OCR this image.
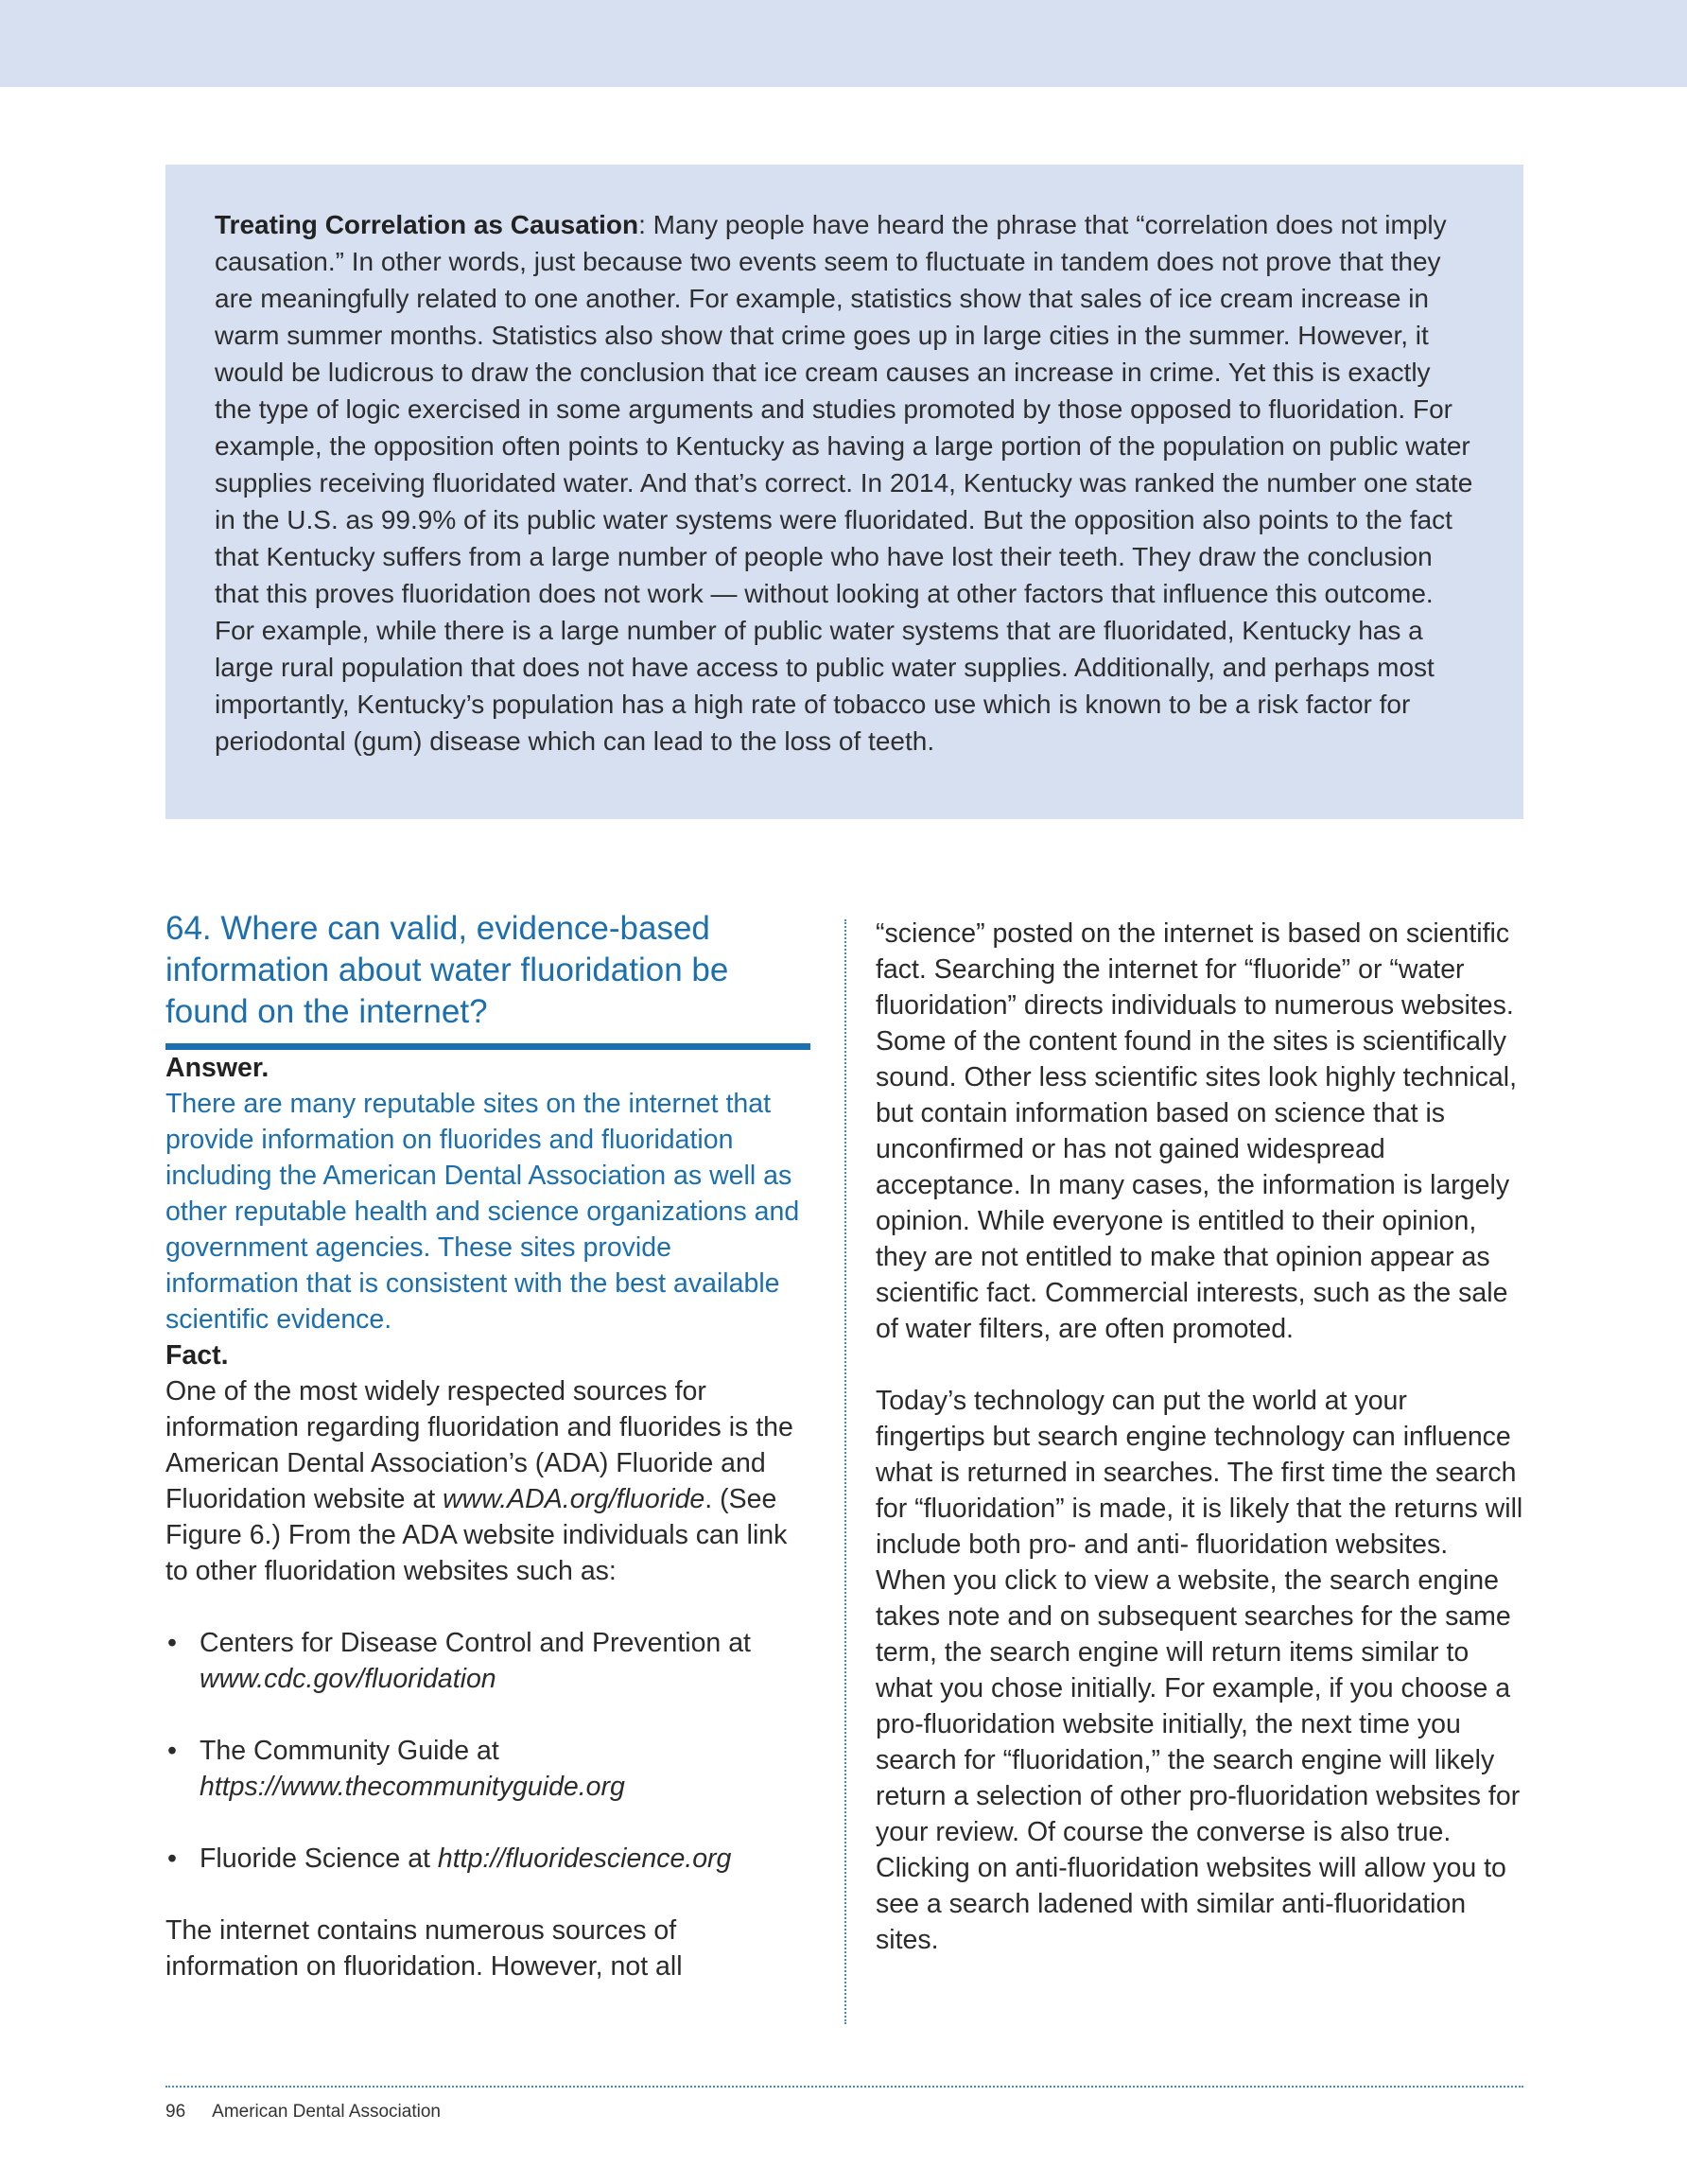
Treating Correlation as Causation: Many people have heard the phrase that “correlation does not imply causation.” In other words, just because two events seem to fluctuate in tandem does not prove that they are meaningfully related to one another. For example, statistics show that sales of ice cream increase in warm summer months. Statistics also show that crime goes up in large cities in the summer. However, it would be ludicrous to draw the conclusion that ice cream causes an increase in crime. Yet this is exactly the type of logic exercised in some arguments and studies promoted by those opposed to fluoridation. For example, the opposition often points to Kentucky as having a large portion of the population on public water supplies receiving fluoridated water. And that’s correct. In 2014, Kentucky was ranked the number one state in the U.S. as 99.9% of its public water systems were fluoridated. But the opposition also points to the fact that Kentucky suffers from a large number of people who have lost their teeth. They draw the conclusion that this proves fluoridation does not work — without looking at other factors that influence this outcome. For example, while there is a large number of public water systems that are fluoridated, Kentucky has a large rural population that does not have access to public water supplies. Additionally, and perhaps most importantly, Kentucky’s population has a high rate of tobacco use which is known to be a risk factor for periodontal (gum) disease which can lead to the loss of teeth.

64. Where can valid, evidence-based information about water fluoridation be found on the internet?

Answer.

There are many reputable sites on the internet that provide information on fluorides and fluoridation including the American Dental Association as well as other reputable health and science organizations and government agencies. These sites provide information that is consistent with the best available scientific evidence.

Fact.

One of the most widely respected sources for information regarding fluoridation and fluorides is the American Dental Association’s (ADA) Fluoride and Fluoridation website at www.ADA.org/fluoride. (See Figure 6.) From the ADA website individuals can link to other fluoridation websites such as:

• Centers for Disease Control and Prevention at www.cdc.gov/fluoridation
• The Community Guide at
https://www.thecommunityguide.org
• Fluoride Science at http://fluoridescience.org

The internet contains numerous sources of information on fluoridation. However, not all

“science” posted on the internet is based on scientific fact. Searching the internet for “fluoride” or “water fluoridation” directs individuals to numerous websites. Some of the content found in the sites is scientifically sound. Other less scientific sites look highly technical, but contain information based on science that is unconfirmed or has not gained widespread acceptance. In many cases, the information is largely opinion. While everyone is entitled to their opinion, they are not entitled to make that opinion appear as scientific fact. Commercial interests, such as the sale of water filters, are often promoted.

Today’s technology can put the world at your fingertips but search engine technology can influence what is returned in searches. The first time the search for “fluoridation” is made, it is likely that the returns will include both pro- and anti- fluoridation websites. When you click to view a website, the search engine takes note and on subsequent searches for the same term, the search engine will return items similar to what you chose initially. For example, if you choose a pro-fluoridation website initially, the next time you search for “fluoridation,” the search engine will likely return a selection of other pro-fluoridation websites for your review. Of course the converse is also true. Clicking on anti-fluoridation websites will allow you to see a search ladened with similar anti-fluoridation sites.

96 American Dental Association
